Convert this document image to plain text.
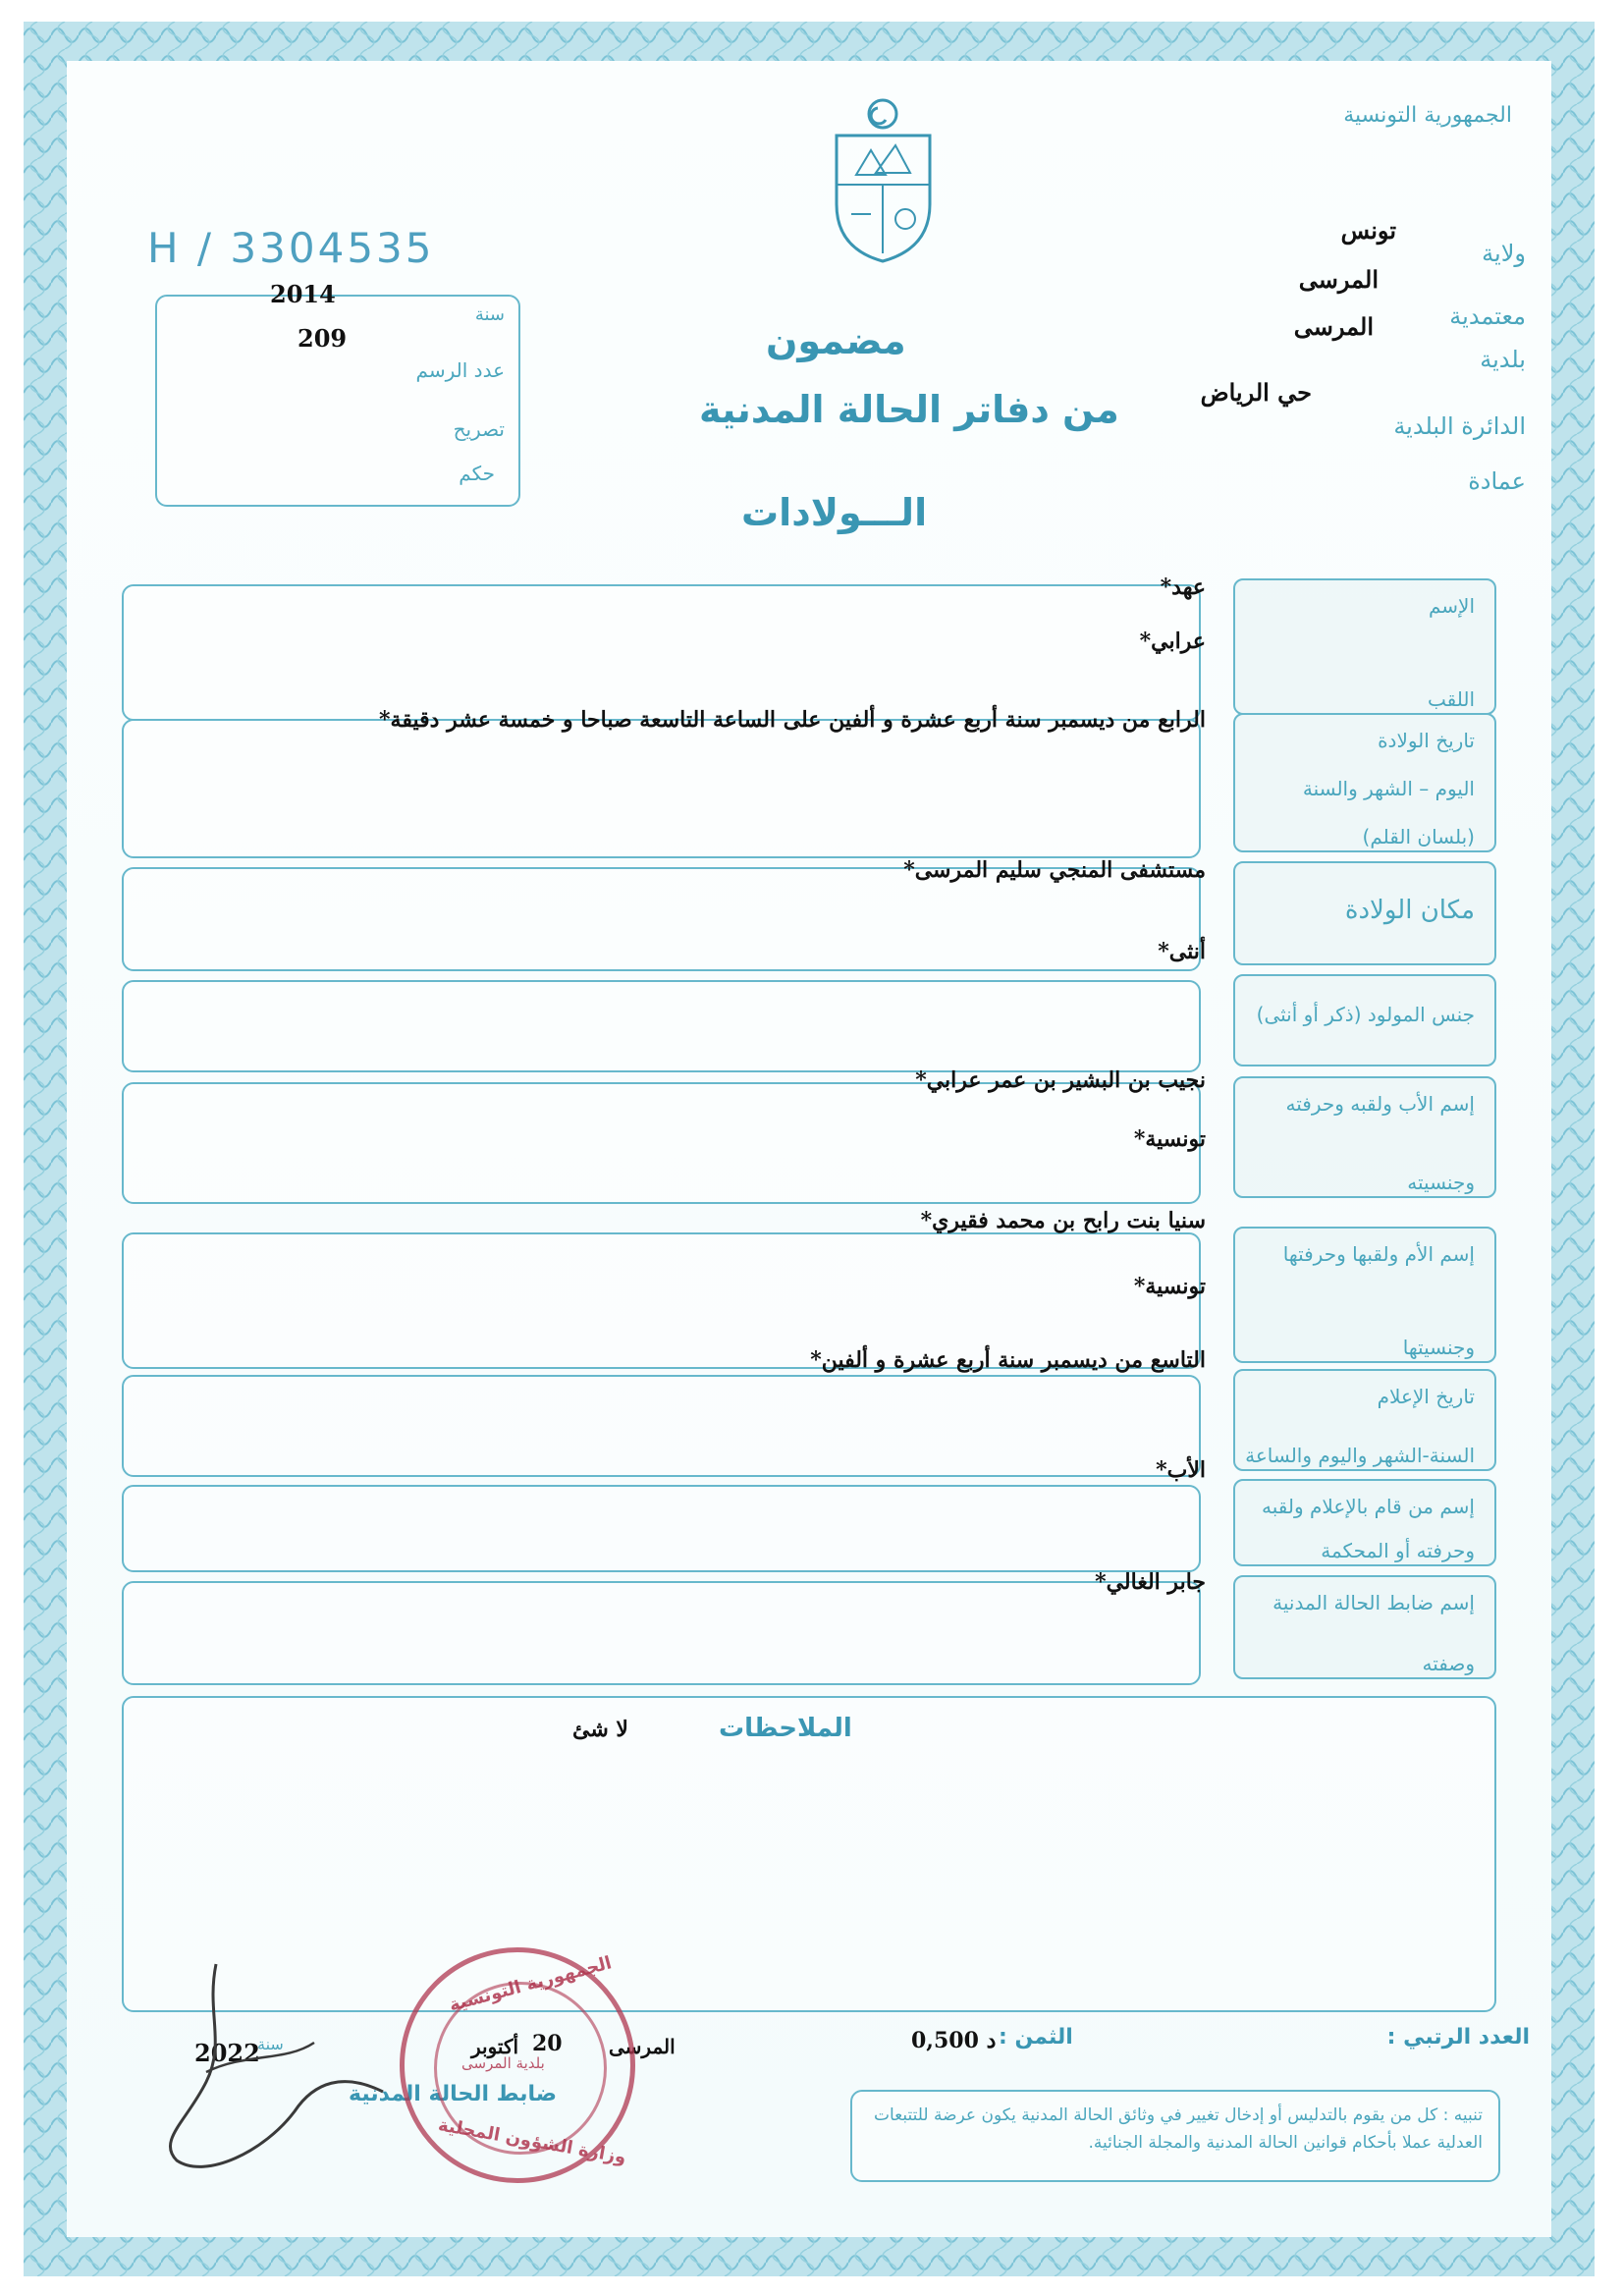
H / 3304535
الجمهورية التونسية
ولاية
تونس
معتمدية
المرسى
المرسى
بلدية
الدائرة البلدية
حي الرياض
عمادة
2014
سنة
209
عدد الرسم
تصريح
حكم
مضمون
من دفاتر الحالة المدنية
الـــولادات
الإسم
اللقب
عهد*
عرابي*
تاريخ الولادة
اليوم – الشهر والسنة
(بلسان القلم)
الرابع من ديسمبر سنة أربع عشرة و ألفين على الساعة التاسعة صباحا و خمسة عشر دقيقة*
مكان الولادة
مستشفى المنجي سليم المرسى*
جنس المولود (ذكر أو أنثى)
أنثى*
إسم الأب ولقبه وحرفته
وجنسيته
نجيب بن البشير بن عمر عرابي*
تونسية*
إسم الأم ولقبها وحرفتها
وجنسيتها
سنيا بنت رابح بن محمد فقيري*
تونسية*
تاريخ الإعلام
السنة-الشهر واليوم والساعة
التاسع من ديسمبر سنة أربع عشرة و ألفين*
إسم من قام بالإعلام ولقبه
وحرفته أو المحكمة
الأب*
إسم ضابط الحالة المدنية
وصفته
جابر الغالي*
الملاحظات
لا شئ
العدد الرتبي :
الثمن :
0,500 د
المرسى
20
أكتوبر
2022
سنة
ضابط الحالة المدنية
تنبيه : كل من يقوم بالتدليس أو إدخال تغيير في وثائق الحالة المدنية يكون عرضة للتتبعات العدلية عملا بأحكام قوانين الحالة المدنية والمجلة الجنائية.
الجمهورية التونسية
وزارة الشؤون المحلية
بلدية المرسى
